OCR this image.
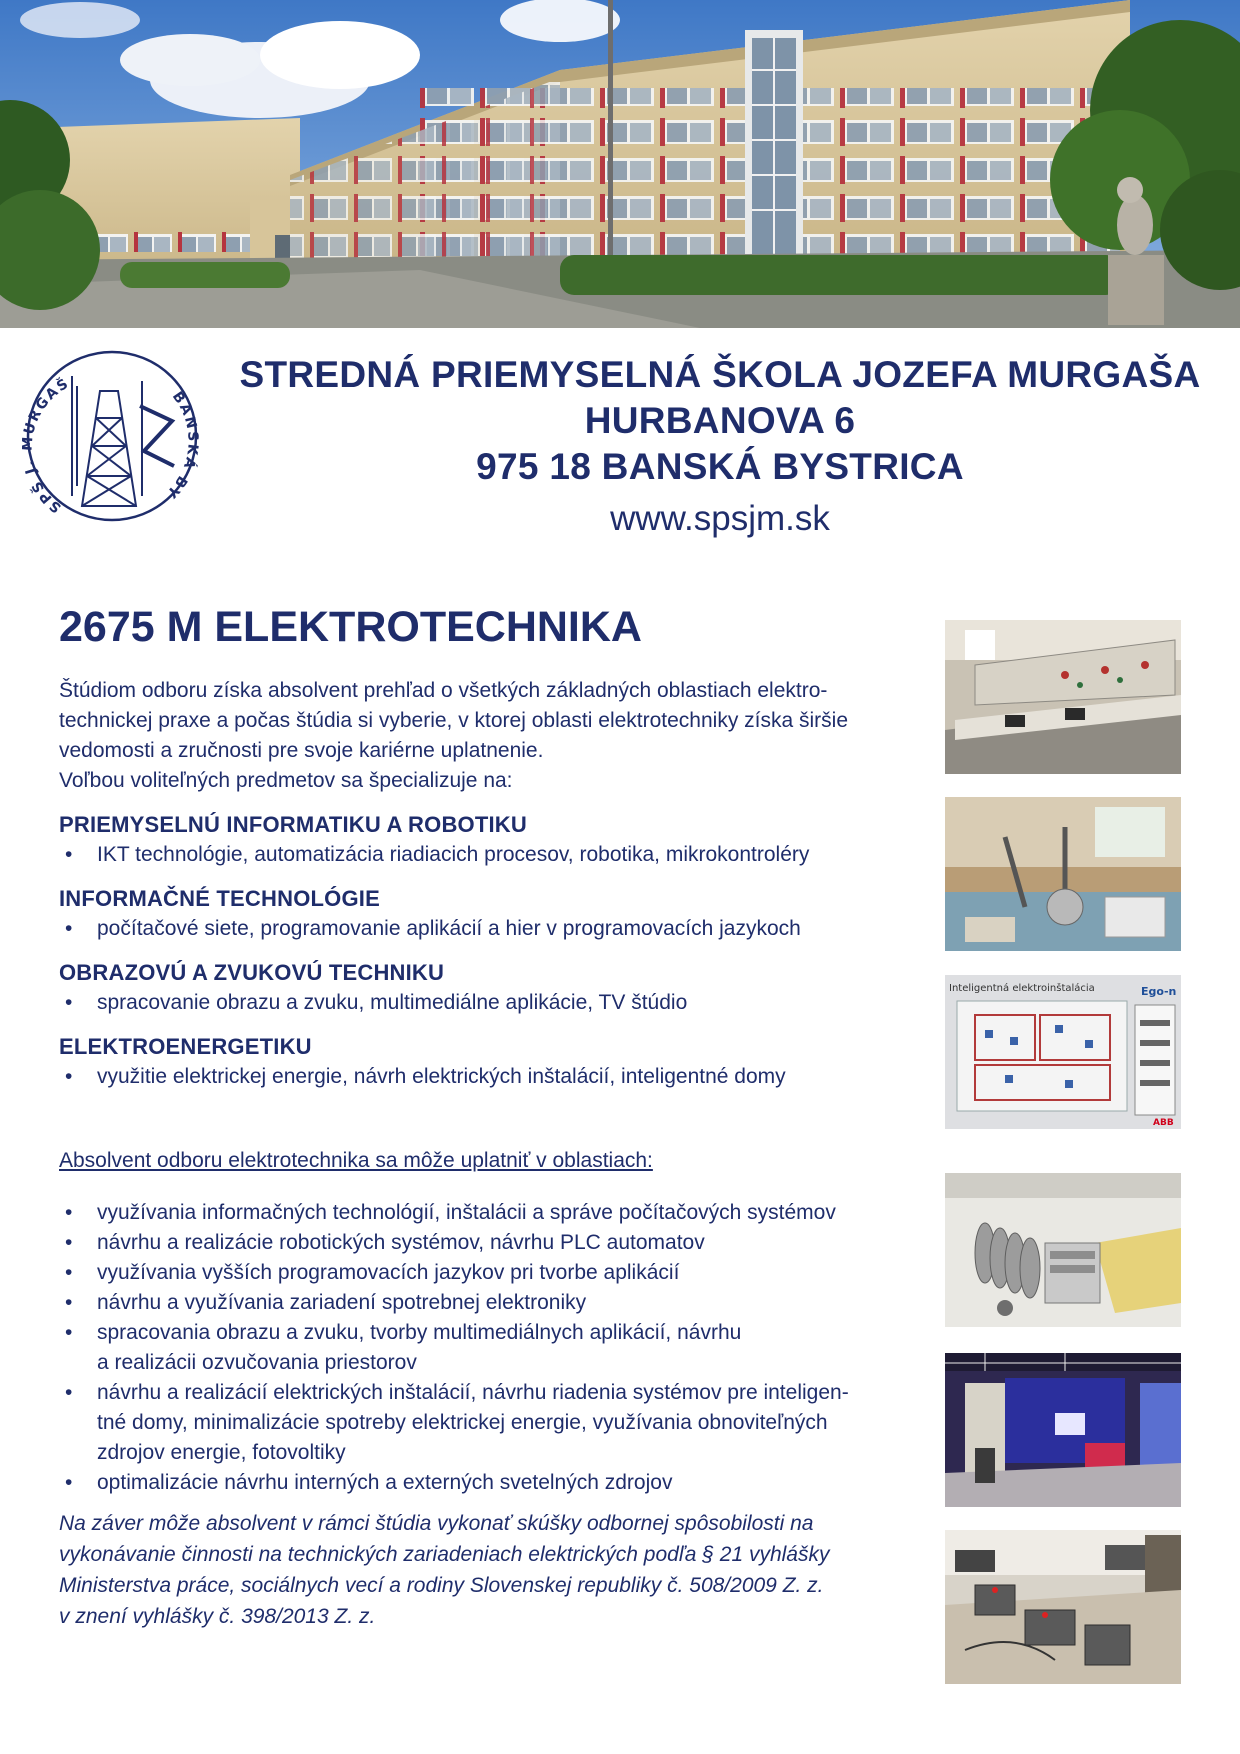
SPŠ J. URGAŠ
BANSKÁ BY
STREDNÁ PRIEMYSELNÁ ŠKOLA JOZEFA MURGAŠA
HURBANOVA 6
975 18 BANSKÁ BYSTRICA
www.spsjm.sk
2675 M ELEKTROTECHNIKA

Štúdiom odboru získa absolvent prehľad o všetkých základných oblastiach elektro-

technickej praxe a počas štúdia si vyberie, v ktorej oblasti elektrotechniky získa širšie

vedomosti a zručnosti pre svoje kariérne uplatnenie.

Voľbou voliteľných predmetov sa špecializuje na:

PRIEMYSELNÚ INFORMATIKU A ROBOTIKU
• IKT technológie, automatizácia riadiacich procesov, robotika, mikrokontroléry
INFORMAČNÉ TECHNOLÓGIE
• počítačové siete, programovanie aplikácií a hier v programovacích jazykoch
OBRAZOVÚ A ZVUKOVÚ TECHNIKU
• spracovanie obrazu a zvuku, multimediálne aplikácie, TV štúdio
ELEKTROENERGETIKU
• využitie elektrickej energie, návrh elektrických inštalácií, inteligentné domy

Absolvent odboru elektrotechnika sa môže uplatniť v oblastiach:

• využívania informačných technológií, inštalácii a správe počítačových systémov
• návrhu a realizácie robotických systémov, návrhu PLC automatov
• využívania vyšších programovacích jazykov pri tvorbe aplikácií
• návrhu a využívania zariadení spotrebnej elektroniky
• spracovania obrazu a zvuku, tvorby multimediálnych aplikácií, návrhu
a realizácii ozvučovania priestorov
• návrhu a realizácií elektrických inštalácií, návrhu riadenia systémov pre inteligen-
tné domy, minimalizácie spotreby elektrickej energie, využívania obnoviteľných
zdrojov energie, fotovoltiky
• optimalizácie návrhu interných a externých svetelných zdrojov
Na záver môže absolvent v rámci štúdia vykonať skúšky odbornej spôsobilosti na
vykonávanie činnosti na technických zariadeniach elektrických podľa § 21 vyhlášky
Ministerstva práce, sociálnych vecí a rodiny Slovenskej republiky č. 508/2009 Z. z.
v znení vyhlášky č. 398/2013 Z. z.
Inteligentná elektroinštalácia	Ego-n
ABB
